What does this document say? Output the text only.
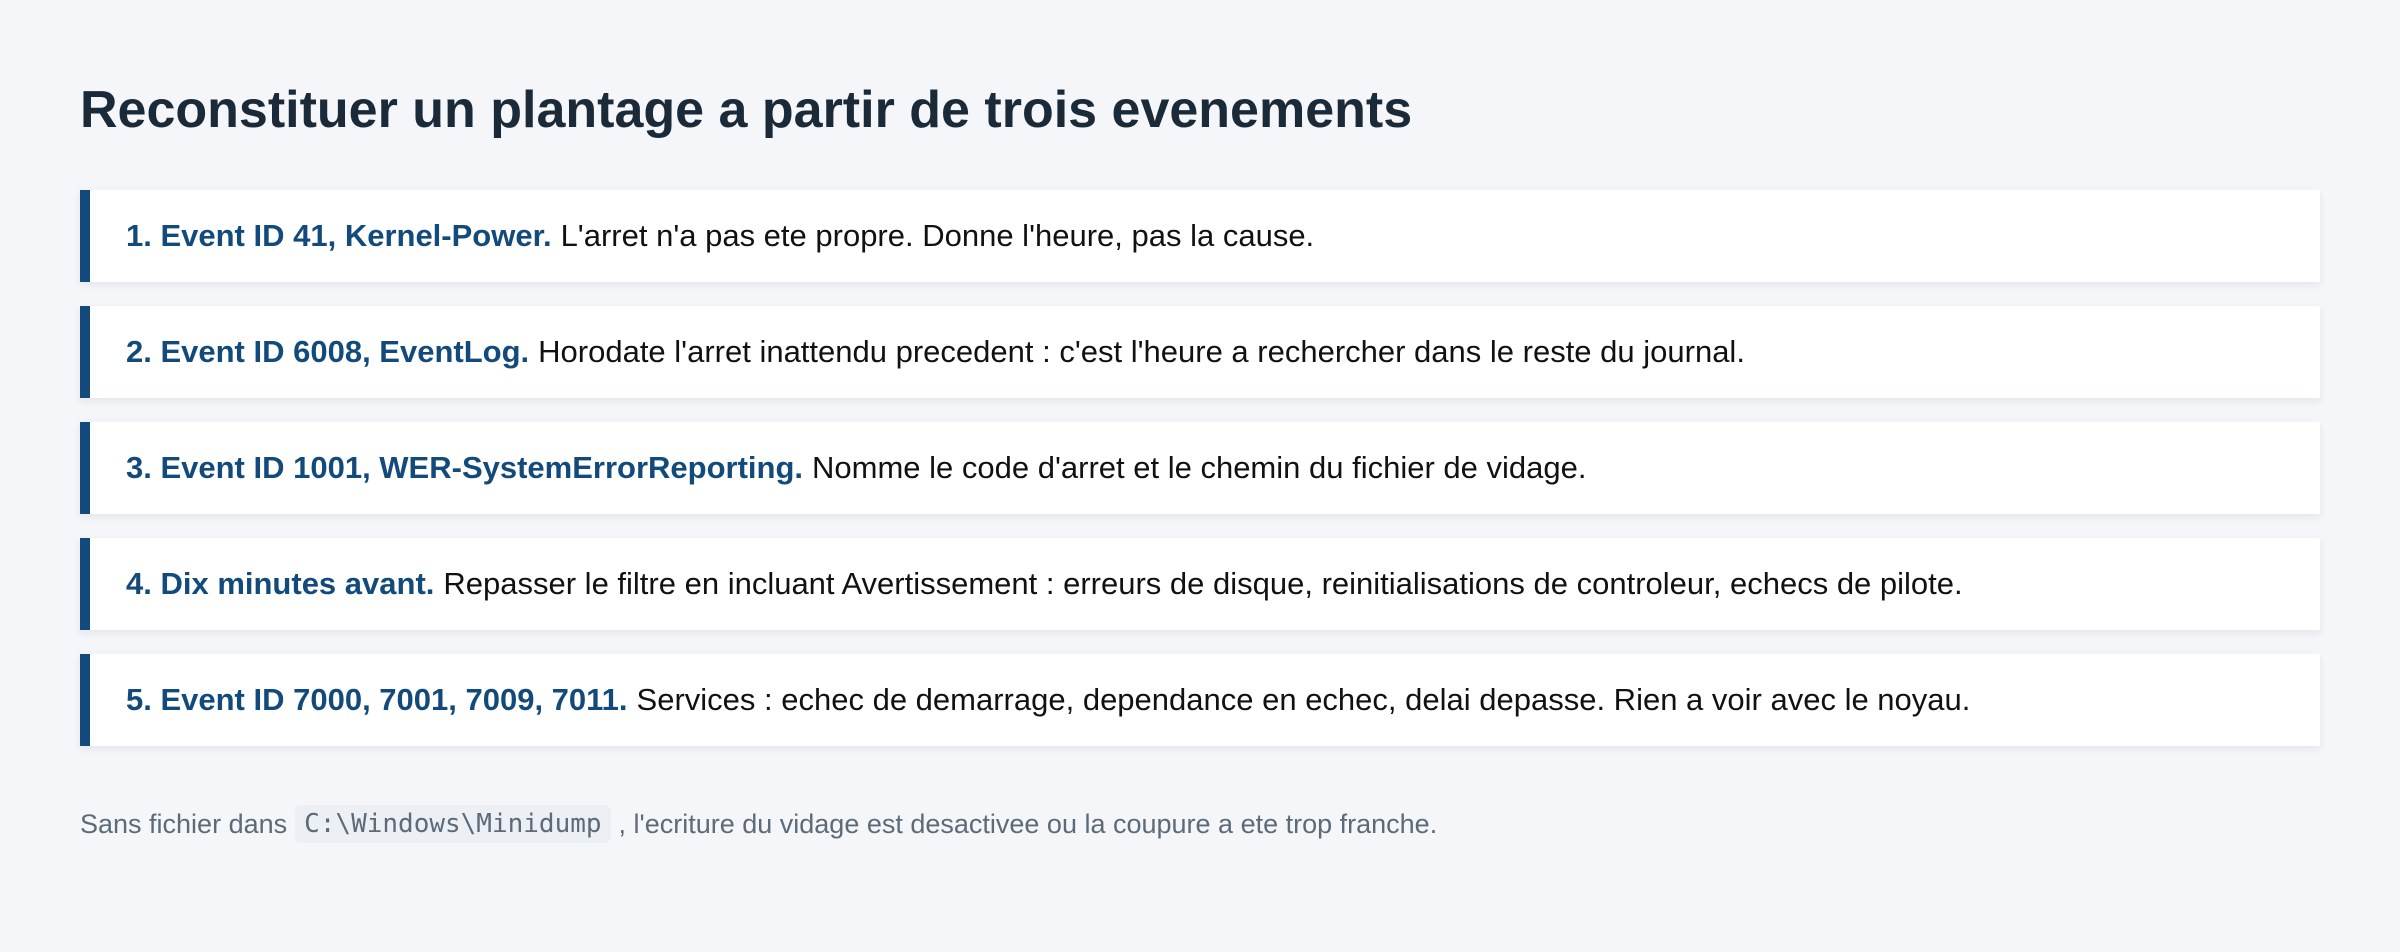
Reconstituer un plantage a partir de trois evenements
1. Event ID 41, Kernel-Power. L'arret n'a pas ete propre. Donne l'heure, pas la cause.
2. Event ID 6008, EventLog. Horodate l'arret inattendu precedent : c'est l'heure a rechercher dans le reste du journal.
3. Event ID 1001, WER-SystemErrorReporting. Nomme le code d'arret et le chemin du fichier de vidage.
4. Dix minutes avant. Repasser le filtre en incluant Avertissement : erreurs de disque, reinitialisations de controleur, echecs de pilote.
5. Event ID 7000, 7001, 7009, 7011. Services : echec de demarrage, dependance en echec, delai depasse. Rien a voir avec le noyau.

Sans fichier dans C:\Windows\Minidump , l'ecriture du vidage est desactivee ou la coupure a ete trop franche.
